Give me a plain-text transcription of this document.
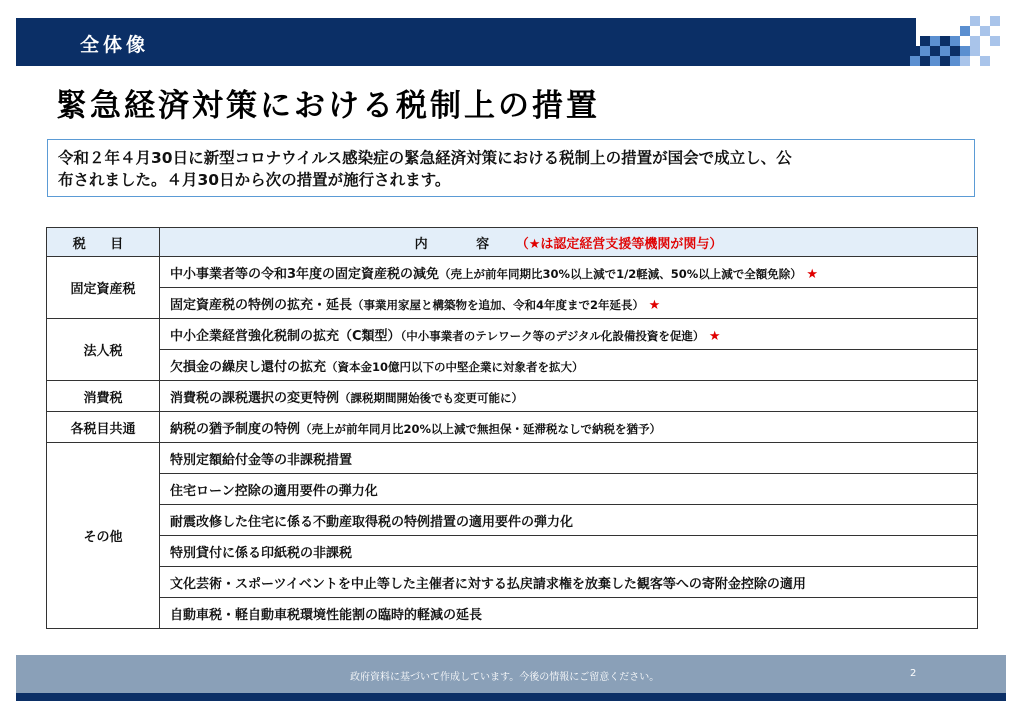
全体像
緊急経済対策における税制上の措置
令和２年４月30日に新型コロナウイルス感染症の緊急経済対策における税制上の措置が国会で成立し、公
布されました。４月30日から次の措置が施行されます。
税 目	内 容 （★は認定経営支援等機関が関与）
固定資産税	中小事業者等の令和3年度の固定資産税の減免（売上が前年同期比30%以上減で1/2軽減、50%以上減で全額免除） ★
	固定資産税の特例の拡充・延長（事業用家屋と構築物を追加、令和4年度まで2年延長） ★
法人税	中小企業経営強化税制の拡充（C類型）（中小事業者のテレワーク等のデジタル化設備投資を促進） ★
	欠損金の繰戻し還付の拡充（資本金10億円以下の中堅企業に対象者を拡大）
消費税	消費税の課税選択の変更特例（課税期間開始後でも変更可能に）
各税目共通	納税の猶予制度の特例（売上が前年同月比20%以上減で無担保・延滞税なしで納税を猶予）
その他	特別定額給付金等の非課税措置
	住宅ローン控除の適用要件の弾力化
	耐震改修した住宅に係る不動産取得税の特例措置の適用要件の弾力化
	特別貸付に係る印紙税の非課税
	文化芸術・スポーツイベントを中止等した主催者に対する払戻請求権を放棄した観客等への寄附金控除の適用
	自動車税・軽自動車税環境性能割の臨時的軽減の延長
政府資料に基づいて作成しています。今後の情報にご留意ください。	2
